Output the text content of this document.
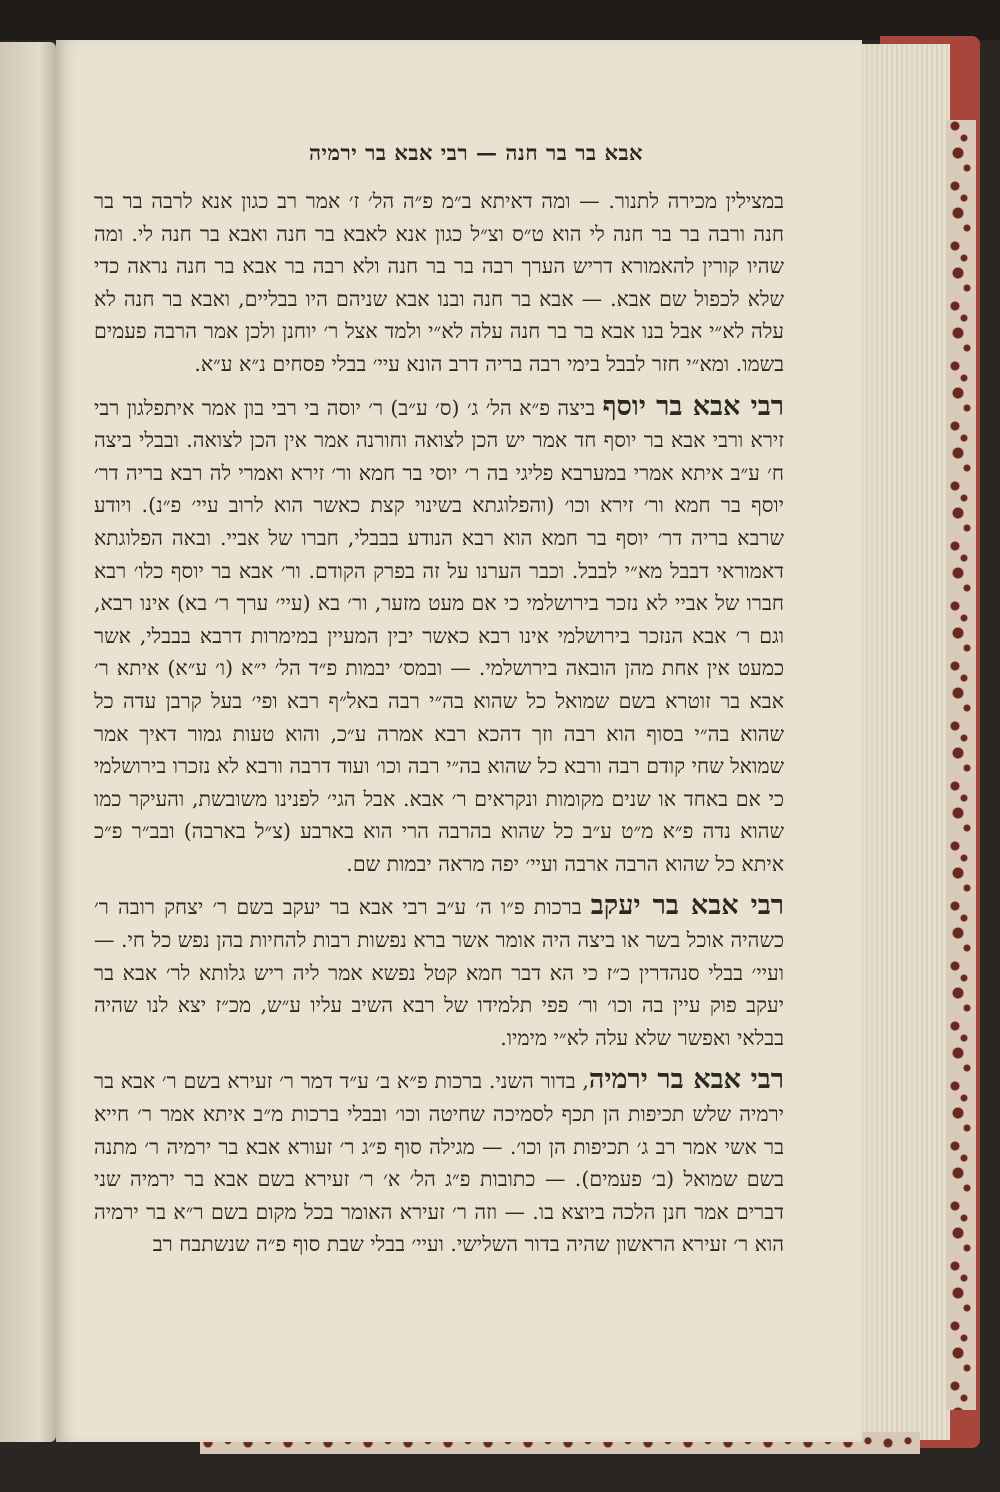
אבא בר בר חנה — רבי אבא בר ירמיה

במצילין מכירה לתנור. — ומה דאיתא ב״מ פ״ה הל׳ ז׳ אמר רב כגון אנא לרבה בר בר חנה ורבה בר בר חנה לי הוא ט״ס וצ״ל כגון אנא לאבא בר חנה ואבא בר חנה לי. ומה שהיו קורין להאמורא דריש הערך רבה בר בר חנה ולא רבה בר אבא בר חנה נראה כדי שלא לכפול שם אבא. — אבא בר חנה ובנו אבא שניהם היו בבליים, ואבא בר חנה לא עלה לא״י אבל בנו אבא בר בר חנה עלה לא״י ולמד אצל ר׳ יוחנן ולכן אמר הרבה פעמים בשמו. ומא״י חזר לבבל בימי רבה בריה דרב הונא עיי׳ בבלי פסחים נ״א ע״א.

רבי אבא בר יוסף ביצה פ״א הל׳ ג׳ (ס׳ ע״ב) ר׳ יוסה בי רבי בון אמר איתפלגון רבי זירא ורבי אבא בר יוסף חד אמר יש הכן לצואה וחורנה אמר אין הכן לצואה. ובבלי ביצה ח׳ ע״ב איתא אמרי במערבא פליגי בה ר׳ יוסי בר חמא ור׳ זירא ואמרי לה רבא בריה דר׳ יוסף בר חמא ור׳ זירא וכו׳ (והפלוגתא בשינוי קצת כאשר הוא לרוב עיי׳ פ״נ). ויודע שרבא בריה דר׳ יוסף בר חמא הוא רבא הנודע בבבלי, חברו של אביי. ובאה הפלוגתא דאמוראי דבבל מא״י לבבל. וכבר הערנו על זה בפרק הקודם. ור׳ אבא בר יוסף כלו׳ רבא חברו של אביי לא נזכר בירושלמי כי אם מעט מזער, ור׳ בא (עיי׳ ערך ר׳ בא) אינו רבא, וגם ר׳ אבא הנזכר בירושלמי אינו רבא כאשר יבין המעיין במימרות דרבא בבבלי, אשר כמעט אין אחת מהן הובאה בירושלמי. — ובמס׳ יבמות פ״ד הל׳ י״א (ו׳ ע״א) איתא ר׳ אבא בר זוטרא בשם שמואל כל שהוא בה״י רבה באל״ף רבא ופי׳ בעל קרבן עדה כל שהוא בה״י בסוף הוא רבה וזך דהכא רבא אמרה ע״כ, והוא טעות גמור דאיך אמר שמואל שחי קודם רבה ורבא כל שהוא בה״י רבה וכו׳ ועוד דרבה ורבא לא נזכרו בירושלמי כי אם באחד או שנים מקומות ונקראים ר׳ אבא. אבל הגי׳ לפנינו משובשת, והעיקר כמו שהוא נדה פ״א מ״ט ע״ב כל שהוא בהרבה הרי הוא בארבע (צ״ל בארבה) ובב״ר פ״כ איתא כל שהוא הרבה ארבה ועיי׳ יפה מראה יבמות שם.

רבי אבא בר יעקב ברכות פ״ו ה׳ ע״ב רבי אבא בר יעקב בשם ר׳ יצחק רובה ר׳ כשהיה אוכל בשר או ביצה היה אומר אשר ברא נפשות רבות להחיות בהן נפש כל חי. — ועיי׳ בבלי סנהדרין כ״ז כי הא דבר חמא קטל נפשא אמר ליה ריש גלותא לר׳ אבא בר יעקב פוק עיין בה וכו׳ ור׳ פפי תלמידו של רבא השיב עליו ע״ש, מכ״ז יצא לנו שהיה בבלאי ואפשר שלא עלה לא״י מימיו.

רבי אבא בר ירמיה, בדור השני. ברכות פ״א ב׳ ע״ד דמר ר׳ זעירא בשם ר׳ אבא בר ירמיה שלש תכיפות הן תכף לסמיכה שחיטה וכו׳ ובבלי ברכות מ״ב איתא אמר ר׳ חייא בר אשי אמר רב ג׳ תכיפות הן וכו׳. — מגילה סוף פ״ג ר׳ זעורא אבא בר ירמיה ר׳ מתנה בשם שמואל (ב׳ פעמים). — כתובות פ״ג הל׳ א׳ ר׳ זעירא בשם אבא בר ירמיה שני דברים אמר חנן הלכה ביוצא בו. — וזה ר׳ זעירא האומר בכל מקום בשם ר״א בר ירמיה הוא ר׳ זעירא הראשון שהיה בדור השלישי. ועיי׳ בבלי שבת סוף פ״ה שנשתבח רב
